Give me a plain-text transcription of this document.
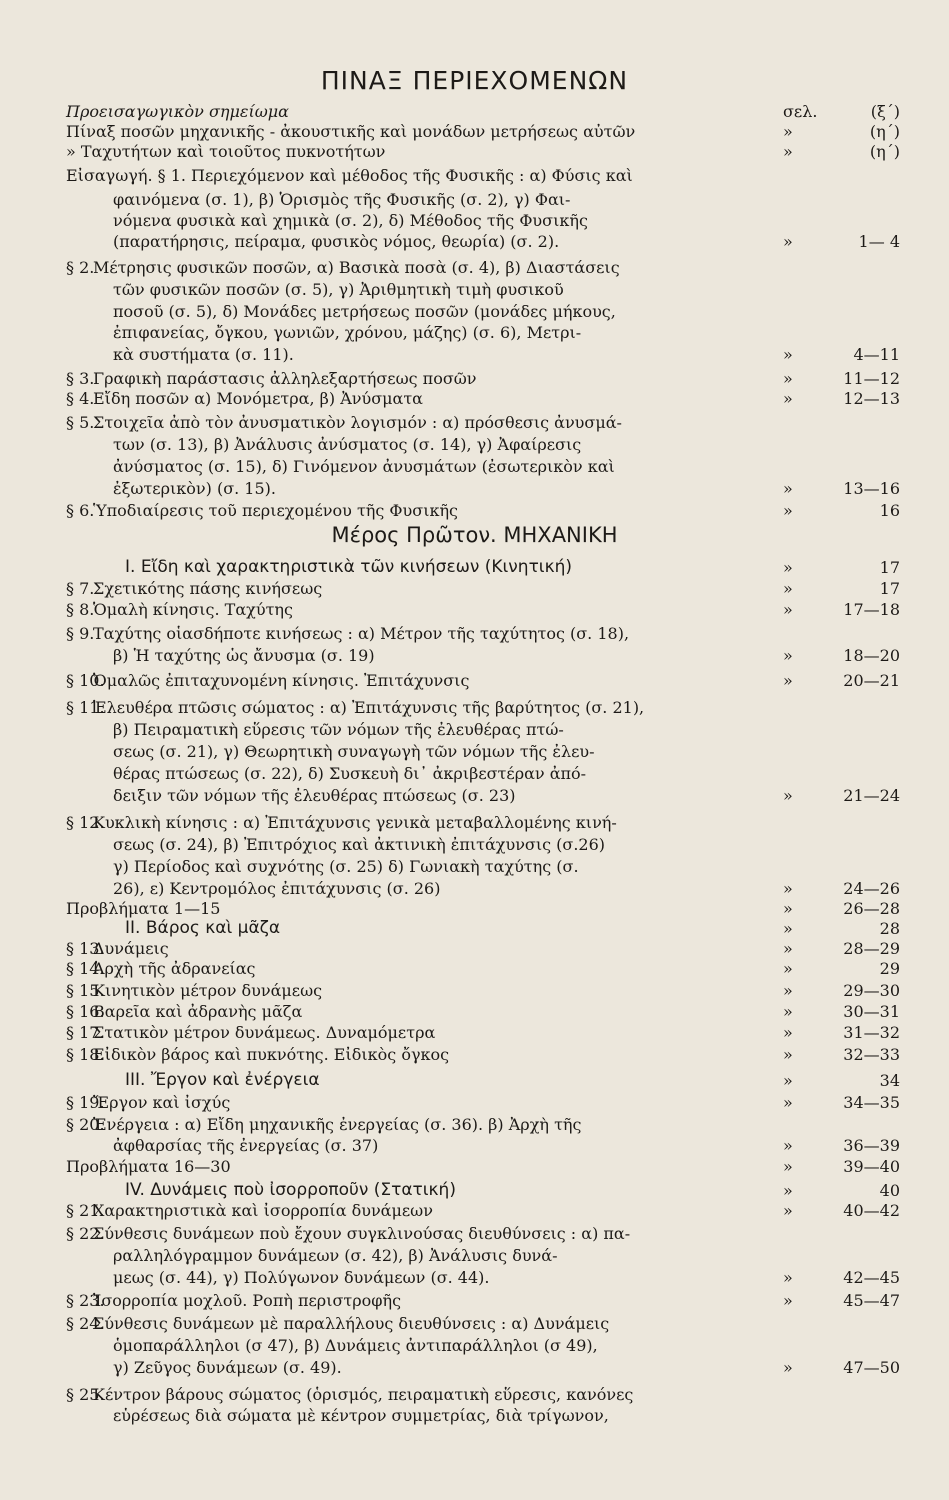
ΠΙΝΑΞ ΠΕΡΙΕΧΟΜΕΝΩΝ
Μέρος Πρῶτον. ΜΗΧΑΝΙΚΗ
Προεισαγωγικὸν σημείωμα	σελ.	(ξ΄)
Πίναξ ποσῶν μηχανικῆς - ἀκουστικῆς καὶ μονάδων μετρήσεως αὐτῶν	»	(η΄)
» Ταχυτήτων καὶ τοιοῦτος πυκνοτήτων	»	(η΄)
Εἰσαγωγή. § 1. Περιεχόμενον καὶ μέθοδος τῆς Φυσικῆς : α) Φύσις καὶ
φαινόμενα (σ. 1), β) Ὁρισμὸς τῆς Φυσικῆς (σ. 2), γ) Φαι-
νόμενα φυσικὰ καὶ χημικὰ (σ. 2), δ) Μέθοδος τῆς Φυσικῆς
(παρατήρησις, πείραμα, φυσικὸς νόμος, θεωρία) (σ. 2).	»	1— 4
§ 2.
Μέτρησις φυσικῶν ποσῶν, α) Βασικὰ ποσὰ (σ. 4), β) Διαστάσεις
τῶν φυσικῶν ποσῶν (σ. 5), γ) Ἀριθμητικὴ τιμὴ φυσικοῦ
ποσοῦ (σ. 5), δ) Μονάδες μετρήσεως ποσῶν (μονάδες μήκους,
ἐπιφανείας, ὄγκου, γωνιῶν, χρόνου, μάζης) (σ. 6), Μετρι-
κὰ συστήματα (σ. 11).	»	4—11
§ 3.
Γραφικὴ παράστασις ἀλληλεξαρτήσεως ποσῶν	»	11—12
§ 4.
Εἴδη ποσῶν α) Μονόμετρα, β) Ἀνύσματα	»	12—13
§ 5.
Στοιχεῖα ἀπὸ τὸν ἀνυσματικὸν λογισμόν : α) πρόσθεσις ἀνυσμά-
των (σ. 13), β) Ἀνάλυσις ἀνύσματος (σ. 14), γ) Ἀφαίρεσις
ἀνύσματος (σ. 15), δ) Γινόμενον ἀνυσμάτων (ἐσωτερικὸν καὶ
ἐξωτερικὸν) (σ. 15).	»	13—16
§ 6.
Ὑποδιαίρεσις τοῦ περιεχομένου τῆς Φυσικῆς	»	16
I. Εἴδη καὶ χαρακτηριστικὰ τῶν κινήσεων (Κινητική)	»	17
§ 7.
Σχετικότης πάσης κινήσεως	»	17
§ 8.
Ὁμαλὴ κίνησις. Ταχύτης	»	17—18
§ 9.
Ταχύτης οἱασδήποτε κινήσεως : α) Μέτρον τῆς ταχύτητος (σ. 18),
β) Ἡ ταχύτης ὡς ἄνυσμα (σ. 19)	»	18—20
§ 10.
Ὁμαλῶς ἐπιταχυνομένη κίνησις. Ἐπιτάχυνσις	»	20—21
§ 11.
Ἐλευθέρα πτῶσις σώματος : α) Ἐπιτάχυνσις τῆς βαρύτητος (σ. 21),
β) Πειραματικὴ εὕρεσις τῶν νόμων τῆς ἐλευθέρας πτώ-
σεως (σ. 21), γ) Θεωρητικὴ συναγωγὴ τῶν νόμων τῆς ἐλευ-
θέρας πτώσεως (σ. 22), δ) Συσκευὴ δι᾽ ἀκριβεστέραν ἀπό-
δειξιν τῶν νόμων τῆς ἐλευθέρας πτώσεως (σ. 23)	»	21—24
§ 12.
Κυκλικὴ κίνησις : α) Ἐπιτάχυνσις γενικὰ μεταβαλλομένης κινή-
σεως (σ. 24), β) Ἐπιτρόχιος καὶ ἀκτινικὴ ἐπιτάχυνσις (σ.26)
γ) Περίοδος καὶ συχνότης (σ. 25) δ) Γωνιακὴ ταχύτης (σ.
26), ε) Κεντρομόλος ἐπιτάχυνσις (σ. 26)	»	24—26
Προβλήματα 1—15	»	26—28
II. Βάρος καὶ μᾶζα	»	28
§ 13.
Δυνάμεις	»	28—29
§ 14.
Ἀρχὴ τῆς ἀδρανείας	»	29
§ 15.
Κινητικὸν μέτρον δυνάμεως	»	29—30
§ 16.
Βαρεῖα καὶ ἀδρανὴς μᾶζα	»	30—31
§ 17.
Στατικὸν μέτρον δυνάμεως. Δυναμόμετρα	»	31—32
§ 18.
Εἰδικὸν βάρος καὶ πυκνότης. Εἰδικὸς ὄγκος	»	32—33
III. Ἔργον καὶ ἐνέργεια	»	34
§ 19.
Ἔργον καὶ ἰσχύς	»	34—35
§ 20.
Ἐνέργεια : α) Εἴδη μηχανικῆς ἐνεργείας (σ. 36). β) Ἀρχὴ τῆς
ἀφθαρσίας τῆς ἐνεργείας (σ. 37)	»	36—39
Προβλήματα 16—30	»	39—40
IV. Δυνάμεις ποὺ ἰσορροποῦν (Στατική)	»	40
§ 21.
Χαρακτηριστικὰ καὶ ἰσορροπία δυνάμεων	»	40—42
§ 22.
Σύνθεσις δυνάμεων ποὺ ἔχουν συγκλινούσας διευθύνσεις : α) πα-
ραλληλόγραμμον δυνάμεων (σ. 42), β) Ἀνάλυσις δυνά-
μεως (σ. 44), γ) Πολύγωνον δυνάμεων (σ. 44).	»	42—45
§ 23.
Ἰσορροπία μοχλοῦ. Ροπὴ περιστροφῆς	»	45—47
§ 24.
Σύνθεσις δυνάμεων μὲ παραλλήλους διευθύνσεις : α) Δυνάμεις
ὁμοπαράλληλοι (σ 47), β) Δυνάμεις ἀντιπαράλληλοι (σ 49),
γ) Ζεῦγος δυνάμεων (σ. 49).	»	47—50
§ 25.
Κέντρον βάρους σώματος (ὁρισμός, πειραματικὴ εὕρεσις, κανόνες
εὑρέσεως διὰ σώματα μὲ κέντρον συμμετρίας, διὰ τρίγωνον,
